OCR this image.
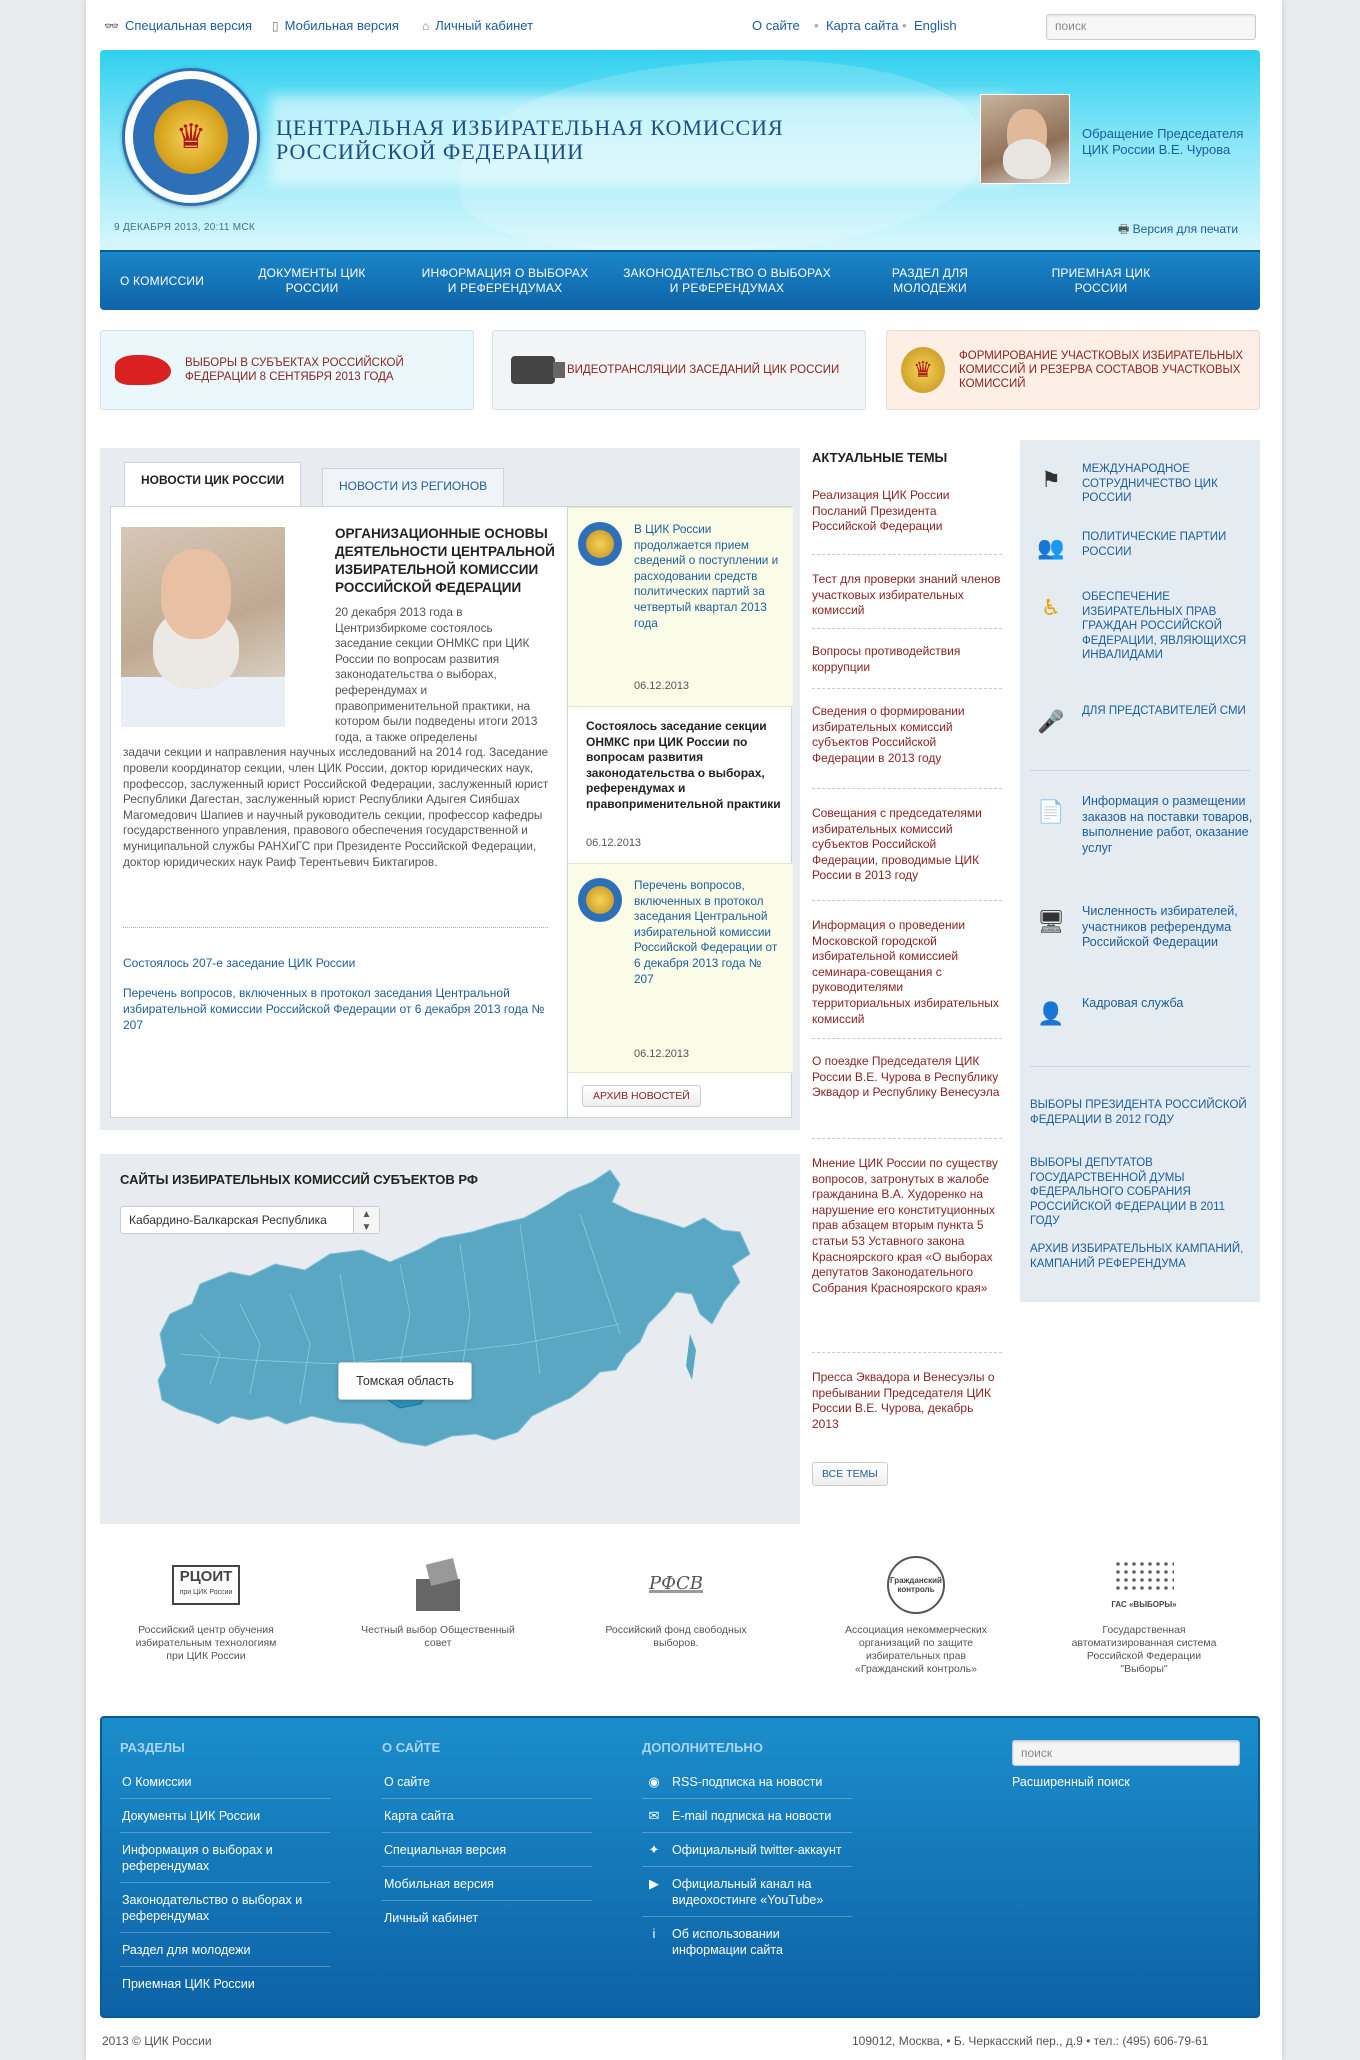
👓 Специальная версия ▯ Мобильная версия ⌂ Личный кабинет	О сайте • Карта сайта • English	поиск
♛	ЦЕНТРАЛЬНАЯ ИЗБИРАТЕЛЬНАЯ КОМИССИЯ
РОССИЙСКОЙ ФЕДЕРАЦИИ
9 ДЕКАБРЯ 2013, 20:11 МСК
Обращение Председателя ЦИК России В.Е. Чурова
🖶 Версия для печати
О КОМИССИИ
ДОКУМЕНТЫ ЦИК РОССИИ
ИНФОРМАЦИЯ О ВЫБОРАХ
И РЕФЕРЕНДУМАХ
ЗАКОНОДАТЕЛЬСТВО О ВЫБОРАХ
И РЕФЕРЕНДУМАХ
РАЗДЕЛ ДЛЯ МОЛОДЕЖИ
ПРИЕМНАЯ ЦИК РОССИИ
ВЫБОРЫ В СУБЪЕКТАХ РОССИЙСКОЙ ФЕДЕРАЦИИ 8 СЕНТЯБРЯ 2013 ГОДА
ВИДЕОТРАНСЛЯЦИИ ЗАСЕДАНИЙ ЦИК РОССИИ	♛
ФОРМИРОВАНИЕ УЧАСТКОВЫХ ИЗБИРАТЕЛЬНЫХ КОМИССИЙ И РЕЗЕРВА СОСТАВОВ УЧАСТКОВЫХ КОМИССИЙ
НОВОСТИ ИЗ РЕГИОНОВ
НОВОСТИ ЦИК РОССИИ
ОРГАНИЗАЦИОННЫЕ ОСНОВЫ ДЕЯТЕЛЬНОСТИ ЦЕНТРАЛЬНОЙ ИЗБИРАТЕЛЬНОЙ КОМИССИИ РОССИЙСКОЙ ФЕДЕРАЦИИ
20 декабря 2013 года в Центризбиркоме состоялось заседание секции ОНМКС при ЦИК России по вопросам развития законодательства о выборах, референдумах и правоприменительной практики, на котором были подведены итоги 2013 года, а также определены
задачи секции и направления научных исследований на 2014 год. Заседание провели координатор секции, член ЦИК России, доктор юридических наук, профессор, заслуженный юрист Российской Федерации, заслуженный юрист Республики Дагестан, заслуженный юрист Республики Адыгея Сиябшах Магомедович Шапиев и научный руководитель секции, профессор кафедры государственного управления, правового обеспечения государственной и муниципальной службы РАНХиГС при Президенте Российской Федерации, доктор юридических наук Раиф Терентьевич Биктагиров.
Состоялось 207-е заседание ЦИК России
Перечень вопросов, включенных в протокол заседания Центральной избирательной комиссии Российской Федерации от 6 декабря 2013 года № 207
В ЦИК России продолжается прием сведений о поступлении и расходовании средств политических партий за четвертый квартал 2013 года
06.12.2013
Состоялось заседание секции ОНМКС при ЦИК России по вопросам развития законодательства о выборах, референдумах и правоприменительной практики
06.12.2013
Перечень вопросов, включенных в протокол заседания Центральной избирательной комиссии Российской Федерации от 6 декабря 2013 года № 207
06.12.2013
АРХИВ НОВОСТЕЙ
САЙТЫ ИЗБИРАТЕЛЬНЫХ КОМИССИЙ СУБЪЕКТОВ РФ
Кабардино-Балкарская Республика	▲
▼
Томская область
АКТУАЛЬНЫЕ ТЕМЫ
Реализация ЦИК России Посланий Президента Российской Федерации
Тест для проверки знаний членов участковых избирательных комиссий
Вопросы противодействия коррупции
Сведения о формировании избирательных комиссий субъектов Российской Федерации в 2013 году
Совещания с председателями избирательных комиссий субъектов Российской Федерации, проводимые ЦИК России в 2013 году
Информация о проведении Московской городской избирательной комиссией семинара-совещания с руководителями территориальных избирательных комиссий
О поездке Председателя ЦИК России В.Е. Чурова в Республику Эквадор и Республику Венесуэла
Мнение ЦИК России по существу вопросов, затронутых в жалобе гражданина В.А. Худоренко на нарушение его конституционных прав абзацем вторым пункта 5 статьи 53 Уставного закона Красноярского края «О выборах депутатов Законодательного Собрания Красноярского края»
Пресса Эквадора и Венесуэлы о пребывании Председателя ЦИК России В.Е. Чурова, декабрь 2013
ВСЕ ТЕМЫ
⚑	МЕЖДУНАРОДНОЕ СОТРУДНИЧЕСТВО ЦИК РОССИИ
👥	ПОЛИТИЧЕСКИЕ ПАРТИИ РОССИИ
♿	ОБЕСПЕЧЕНИЕ ИЗБИРАТЕЛЬНЫХ ПРАВ ГРАЖДАН РОССИЙСКОЙ ФЕДЕРАЦИИ, ЯВЛЯЮЩИХСЯ ИНВАЛИДАМИ
🎤	ДЛЯ ПРЕДСТАВИТЕЛЕЙ СМИ
📄	Информация о размещении заказов на поставки товаров, выполнение работ, оказание услуг
🖥	Численность избирателей, участников референдума Российской Федерации
👤	Кадровая служба
ВЫБОРЫ ПРЕЗИДЕНТА РОССИЙСКОЙ ФЕДЕРАЦИИ В 2012 ГОДУ
ВЫБОРЫ ДЕПУТАТОВ ГОСУДАРСТВЕННОЙ ДУМЫ ФЕДЕРАЛЬНОГО СОБРАНИЯ РОССИЙСКОЙ ФЕДЕРАЦИИ В 2011 ГОДУ
АРХИВ ИЗБИРАТЕЛЬНЫХ КАМПАНИЙ, КАМПАНИЙ РЕФЕРЕНДУМА
РЦОИТ
при ЦИК России
Российский центр обучения избирательным технологиям при ЦИК России
Честный выбор Общественный совет
РФСВ
Российский фонд свободных выборов.
Гражданский контроль
Ассоциация некоммерческих организаций по защите избирательных прав «Гражданский контроль»
ГАС «ВЫБОРЫ»
Государственная автоматизированная система Российской Федерации "Выборы"
РАЗДЕЛЫ	О САЙТЕ	ДОПОЛНИТЕЛЬНО	поиск
Расширенный поиск
О Комиссии
Документы ЦИК России
Информация о выборах и референдумах
Законодательство о выборах и референдумах
Раздел для молодежи
Приемная ЦИК России
О сайте
Карта сайта
Специальная версия
Мобильная версия
Личный кабинет
◉ RSS-подписка на новости
✉ E-mail подписка на новости
✦ Официальный twitter-аккаунт
▶ Официальный канал на видеохостинге «YouTube»
i	Об использовании информации сайта
2013 © ЦИК России	109012, Москва, • Б. Черкасский пер., д.9 • тел.: (495) 606-79-61
